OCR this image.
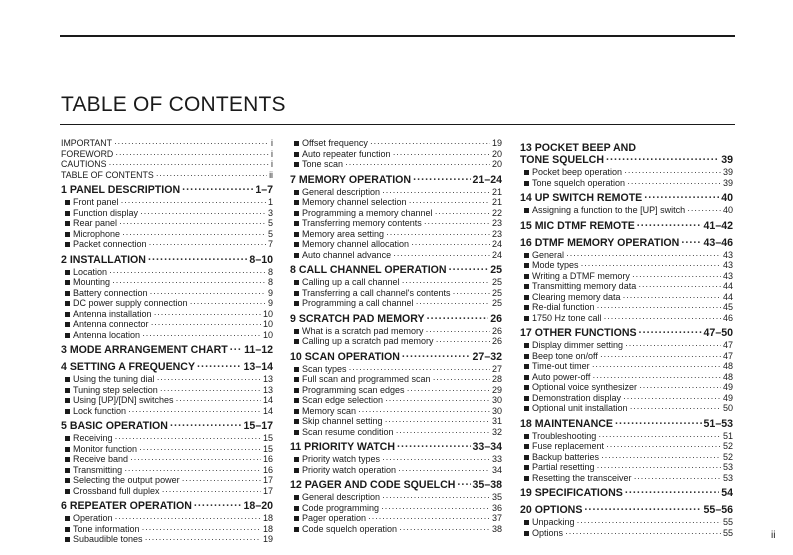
TABLE OF CONTENTS
IMPORTANT ·····	i
FOREWORD ·····	i
CAUTIONS ·····	i
TABLE OF CONTENTS ·····	ii
1 PANEL DESCRIPTION ·····	1–7
Front panel ·····	1
Function display ·····	3
Rear panel ·····	5
Microphone ·····	5
Packet connection ·····	7
2 INSTALLATION ·····	8–10
Location ·····	8
Mounting ·····	8
Battery connection ·····	9
DC power supply connection ·····	9
Antenna installation ·····	10
Antenna connector ·····	10
Antenna location ·····	10
3 MODE ARRANGEMENT CHART ····· 11–12
4 SETTING A FREQUENCY ·····	13–14
Using the tuning dial ·····	13
Tuning step selection ·····	13
Using [UP]/[DN] switches ·····	14
Lock function ·····	14
5 BASIC OPERATION ·····	15–17
Receiving ·····	15
Monitor function ·····	15
Receive band ·····	16
Transmitting ·····	16
Selecting the output power ·····	17
Crossband full duplex ·····	17
6 REPEATER OPERATION ·····	18–20
Operation ·····	18
Tone information ·····	18
Subaudible tones ·····	19
Offset frequency ·····	19
Auto repeater function ·····	20
Tone scan ·····	20
7 MEMORY OPERATION ·····	21–24
General description ·····	21
Memory channel selection ·····	21
Programming a memory channel ·····	22
Transferring memory contents ·····	23
Memory area setting ·····	23
Memory channel allocation ·····	24
Auto channel advance ·····	24
8 CALL CHANNEL OPERATION ·····	25
Calling up a call channel ·····	25
Transferring a call channel's contents ·····	25
Programming a call channel ·····	25
9 SCRATCH PAD MEMORY ·····	26
What is a scratch pad memory ·····	26
Calling up a scratch pad memory ·····	26
10 SCAN OPERATION ·····	27–32
Scan types ·····	27
Full scan and programmed scan ·····	28
Programming scan edges ·····	29
Scan edge selection ·····	30
Memory scan ·····	30
Skip channel setting ·····	31
Scan resume condition ·····	32
11 PRIORITY WATCH ·····	33–34
Priority watch types ·····	33
Priority watch operation ·····	34
12 PAGER AND CODE SQUELCH ····· 35–38
General description ·····	35
Code programming ·····	36
Pager operation ·····	37
Code squelch operation ·····	38
13 POCKET BEEP AND
TONE SQUELCH ·····	39
Pocket beep operation ·····	39
Tone squelch operation ·····	39
14 UP SWITCH REMOTE ·····	40
Assigning a function to the [UP] switch ·····	40
15 MIC DTMF REMOTE ·····	41–42
16 DTMF MEMORY OPERATION ····· 43–46
General ·····	43
Mode types ·····	43
Writing a DTMF memory ·····	43
Transmitting memory data ·····	44
Clearing memory data ·····	44
Re-dial function ·····	45
1750 Hz tone call ·····	46
17 OTHER FUNCTIONS ·····	47–50
Display dimmer setting ·····	47
Beep tone on/off ·····	47
Time-out timer ·····	48
Auto power-off ·····	48
Optional voice synthesizer ·····	49
Demonstration display ·····	49
Optional unit installation ·····	50
18 MAINTENANCE ·····	51–53
Troubleshooting ·····	51
Fuse replacement ·····	52
Backup batteries ·····	52
Partial resetting ·····	53
Resetting the transceiver ·····	53
19 SPECIFICATIONS ·····	54
20 OPTIONS ·····	55–56
Unpacking ·····	55
Options ·····	55	ii
